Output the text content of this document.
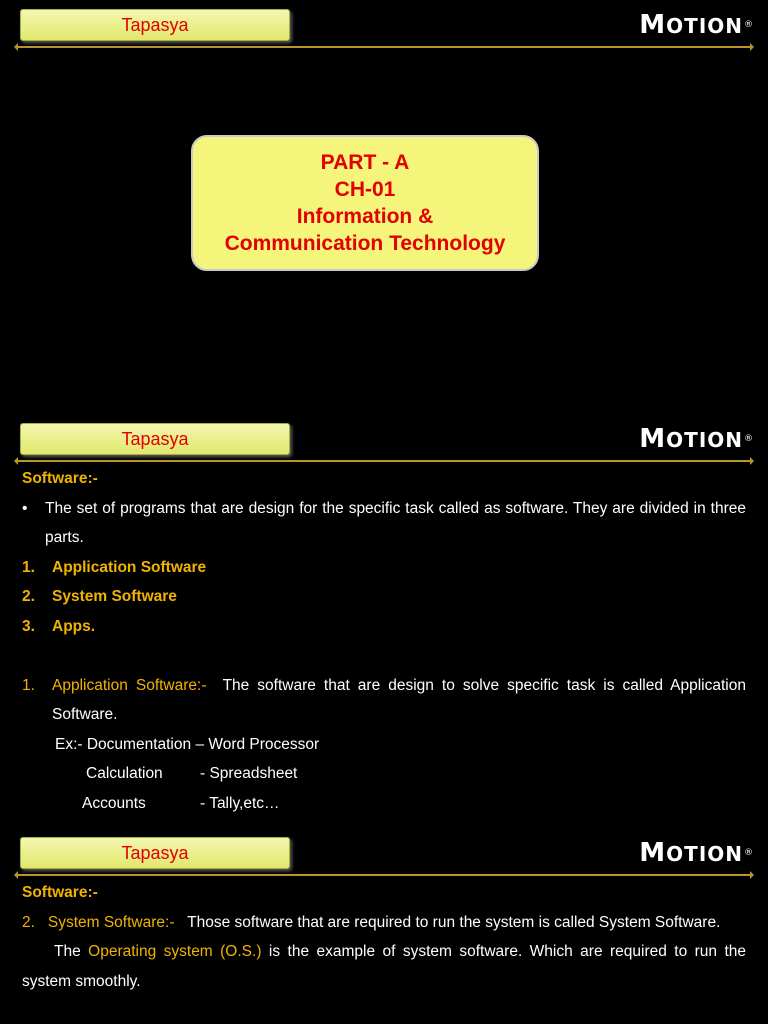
Tapasya	MOTION®
PART - A
CH-01
Information &
Communication Technology
Tapasya	MOTION®
Software:-
•	The set of programs that are design for the specific task called as software. They are divided in three parts.
1.	Application Software
2.	System Software
3.	Apps.
1.	Application Software:- The software that are design to solve specific task is called Application Software.
Ex:- Documentation – Word Processor
Calculation - Spreadsheet

Accounts	- Tally,etc…

Tapasya	MOTION®
Software:-
2. System Software:- Those software that are required to run the system is called System Software.
The Operating system (O.S.) is the example of system software. Which are required to run the system smoothly.
